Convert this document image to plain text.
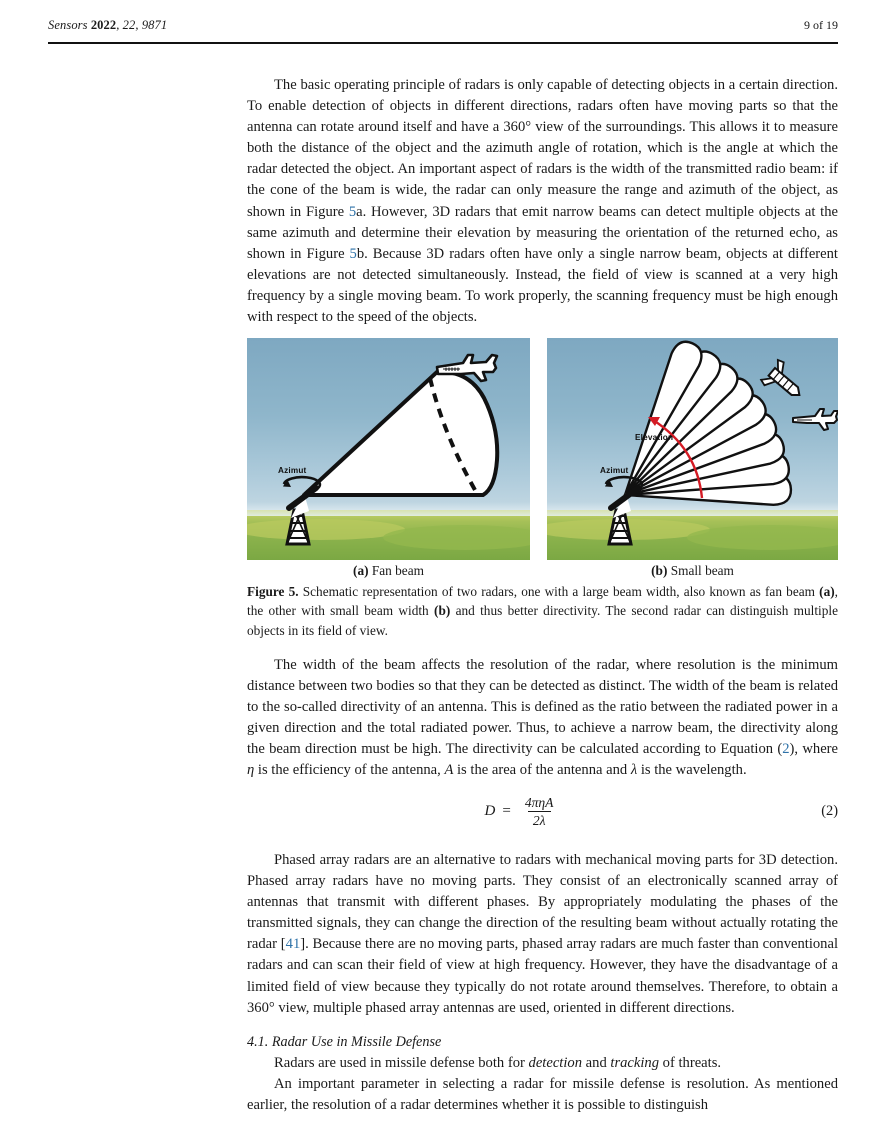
Sensors 2022, 22, 9871	9 of 19

The basic operating principle of radars is only capable of detecting objects in a certain direction. To enable detection of objects in different directions, radars often have moving parts so that the antenna can rotate around itself and have a 360° view of the surroundings. This allows it to measure both the distance of the object and the azimuth angle of rotation, which is the angle at which the radar detected the object. An important aspect of radars is the width of the transmitted radio beam: if the cone of the beam is wide, the radar can only measure the range and azimuth of the object, as shown in Figure 5a. However, 3D radars that emit narrow beams can detect multiple objects at the same azimuth and determine their elevation by measuring the orientation of the returned echo, as shown in Figure 5b. Because 3D radars often have only a single narrow beam, objects at different elevations are not detected simultaneously. Instead, the field of view is scanned at a very high frequency by a single moving beam. To work properly, the scanning frequency must be high enough with respect to the speed of the objects.

Azimut	Azimut
Elevation
(a) Fan beam	(b) Small beam
Figure 5. Schematic representation of two radars, one with a large beam width, also known as fan beam (a), the other with small beam width (b) and thus better directivity. The second radar can distinguish multiple objects in its field of view.

The width of the beam affects the resolution of the radar, where resolution is the minimum distance between two bodies so that they can be detected as distinct. The width of the beam is related to the so-called directivity of an antenna. This is defined as the ratio between the radiated power in a given direction and the total radiated power. Thus, to achieve a narrow beam, the directivity along the beam direction must be high. The directivity can be calculated according to Equation (2), where η is the efficiency of the antenna, A is the area of the antenna and λ is the wavelength.

$D = \frac{\text{4πηA}}{2\lambda}$	(2)

Phased array radars are an alternative to radars with mechanical moving parts for 3D detection. Phased array radars have no moving parts. They consist of an electronically scanned array of antennas that transmit with different phases. By appropriately modulating the phases of the transmitted signals, they can change the direction of the resulting beam without actually rotating the radar [41]. Because there are no moving parts, phased array radars are much faster than conventional radars and can scan their field of view at high frequency. However, they have the disadvantage of a limited field of view because they typically do not rotate around themselves. Therefore, to obtain a 360° view, multiple phased array antennas are used, oriented in different directions.

4.1. Radar Use in Missile Defense

Radars are used in missile defense both for detection and tracking of threats.

An important parameter in selecting a radar for missile defense is resolution. As mentioned earlier, the resolution of a radar determines whether it is possible to distinguish
